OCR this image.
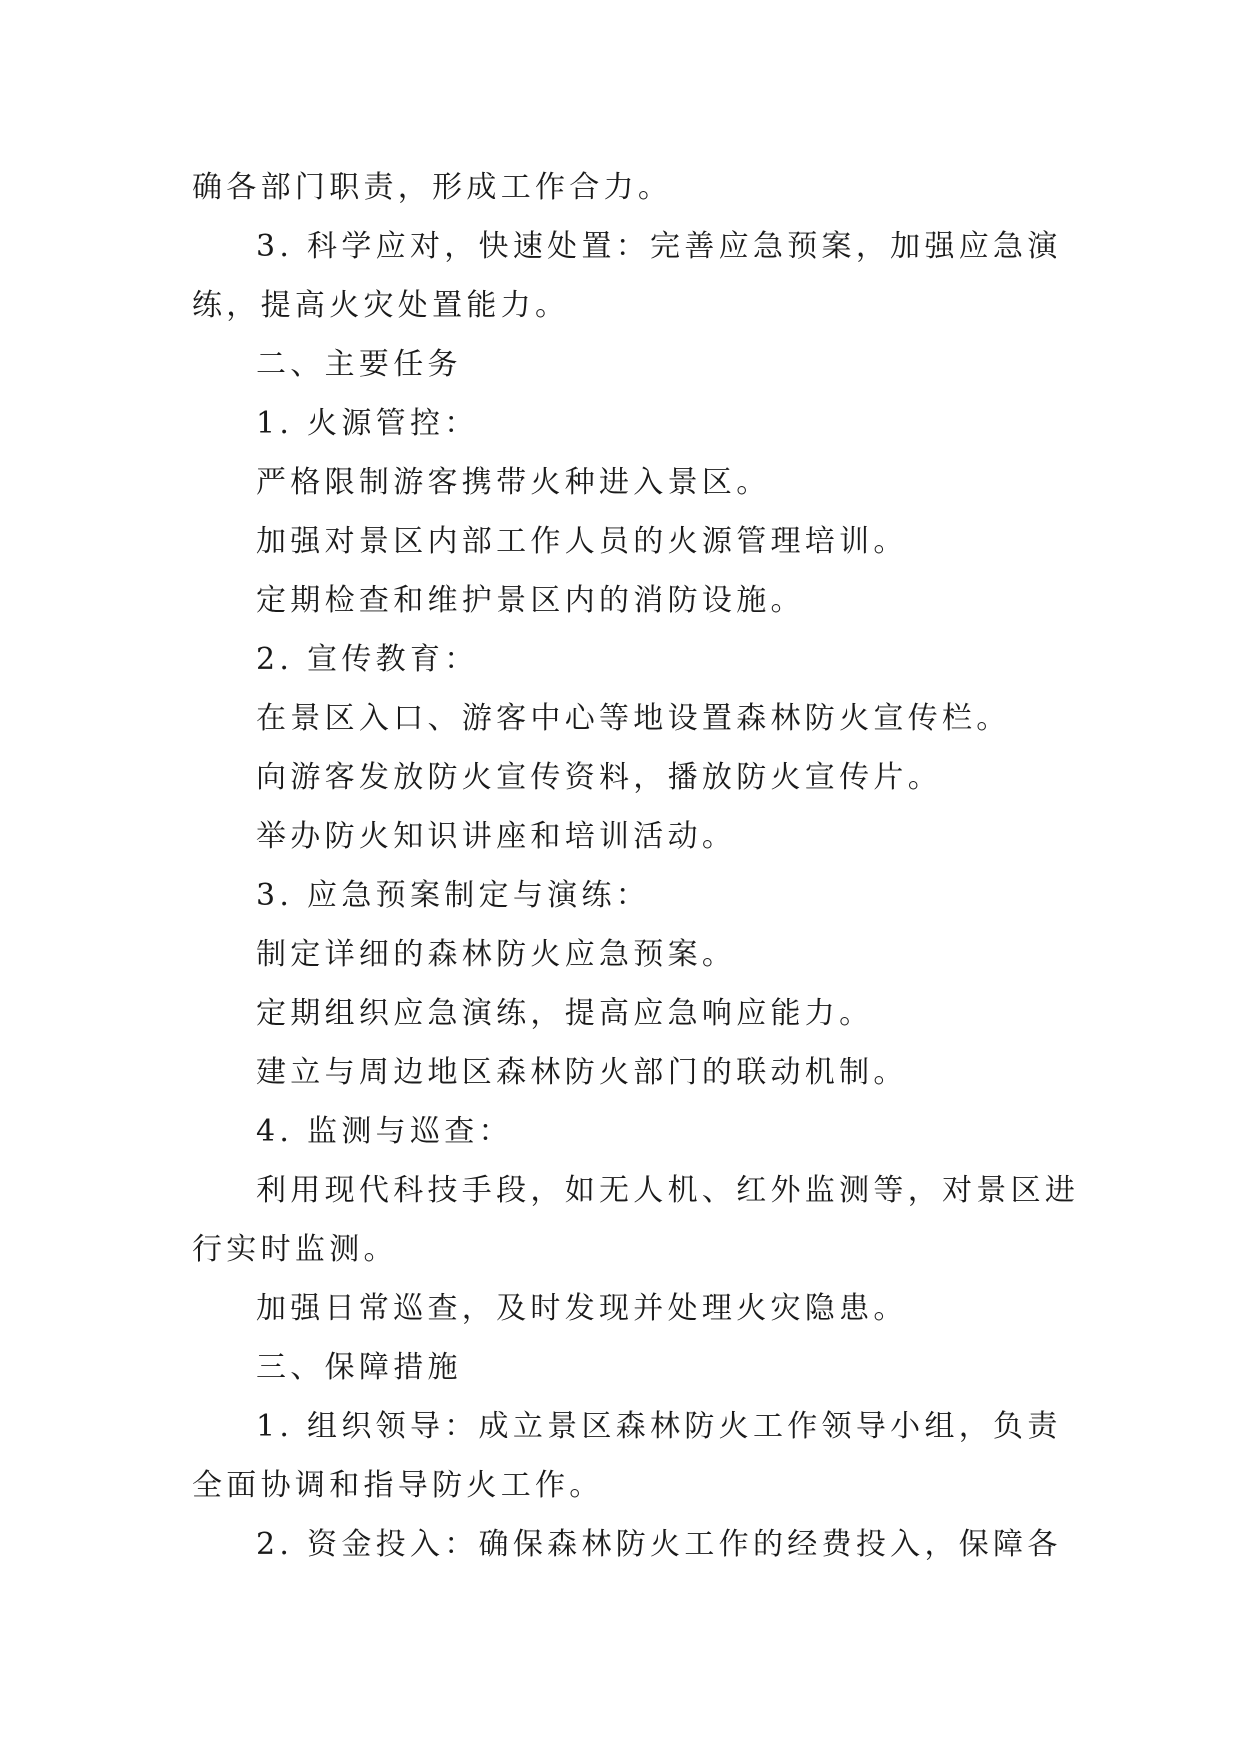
确各部门职责，形成工作合力。
3. 科学应对，快速处置：完善应急预案，加强应急演
练，提高火灾处置能力。
二、主要任务
1. 火源管控：
严格限制游客携带火种进入景区。
加强对景区内部工作人员的火源管理培训。
定期检查和维护景区内的消防设施。
2. 宣传教育：
在景区入口、游客中心等地设置森林防火宣传栏。
向游客发放防火宣传资料，播放防火宣传片。
举办防火知识讲座和培训活动。
3. 应急预案制定与演练：
制定详细的森林防火应急预案。
定期组织应急演练，提高应急响应能力。
建立与周边地区森林防火部门的联动机制。
4. 监测与巡查：
利用现代科技手段，如无人机、红外监测等，对景区进
行实时监测。
加强日常巡查，及时发现并处理火灾隐患。
三、保障措施
1. 组织领导：成立景区森林防火工作领导小组，负责
全面协调和指导防火工作。
2. 资金投入：确保森林防火工作的经费投入，保障各
